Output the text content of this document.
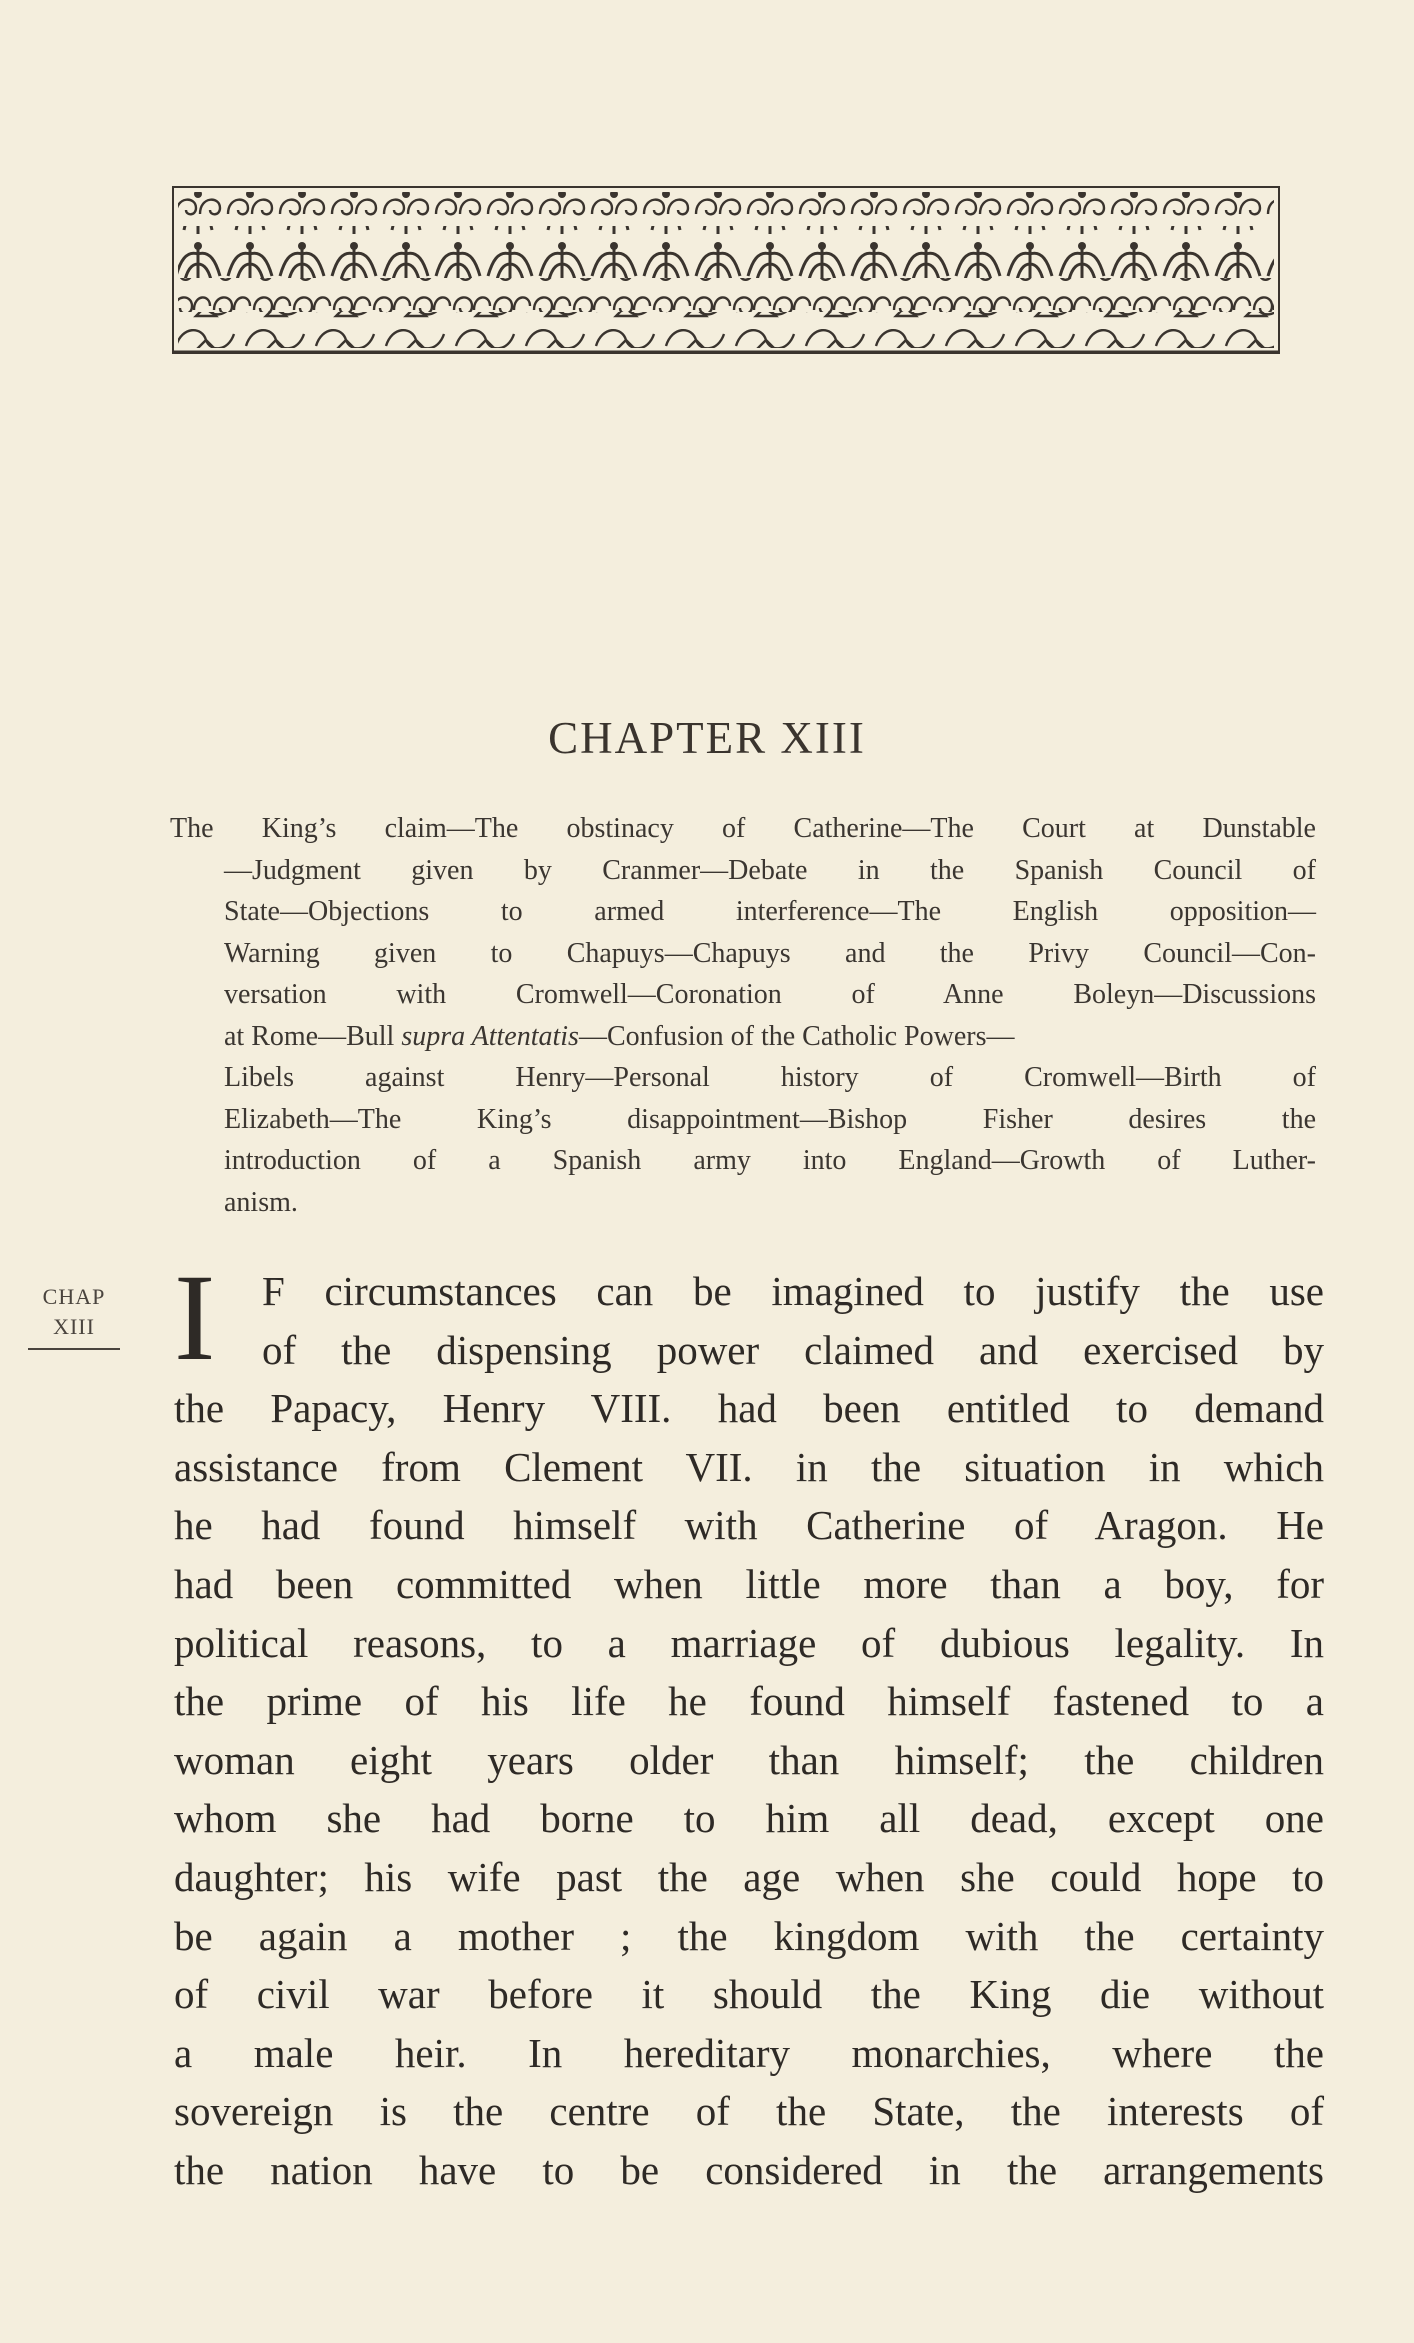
CHAPTER XIII
The King’s claim—The obstinacy of Catherine—The Court at Dunstable
—Judgment given by Cranmer—Debate in the Spanish Council of
State—Objections to armed interference—The English opposition—
Warning given to Chapuys—Chapuys and the Privy Council—Con-
versation with Cromwell—Coronation of Anne Boleyn—Discussions
at Rome—Bull supra Attentatis—Confusion of the Catholic Powers—
Libels against Henry—Personal history of Cromwell—Birth of
Elizabeth—The King’s disappointment—Bishop Fisher desires the
introduction of a Spanish army into England—Growth of Luther-
anism.
CHAP
XIII I	F circumstances can be imagined to justify the use
of the dispensing power claimed and exercised by
the Papacy, Henry VIII. had been entitled to demand
assistance from Clement VII. in the situation in which
he had found himself with Catherine of Aragon. He
had been committed when little more than a boy, for
political reasons, to a marriage of dubious legality. In
the prime of his life he found himself fastened to a
woman eight years older than himself; the children
whom she had borne to him all dead, except one
daughter; his wife past the age when she could hope to
be again a mother ; the kingdom with the certainty
of civil war before it should the King die without
a male heir. In hereditary monarchies, where the
sovereign is the centre of the State, the interests of
the nation have to be considered in the arrangements
